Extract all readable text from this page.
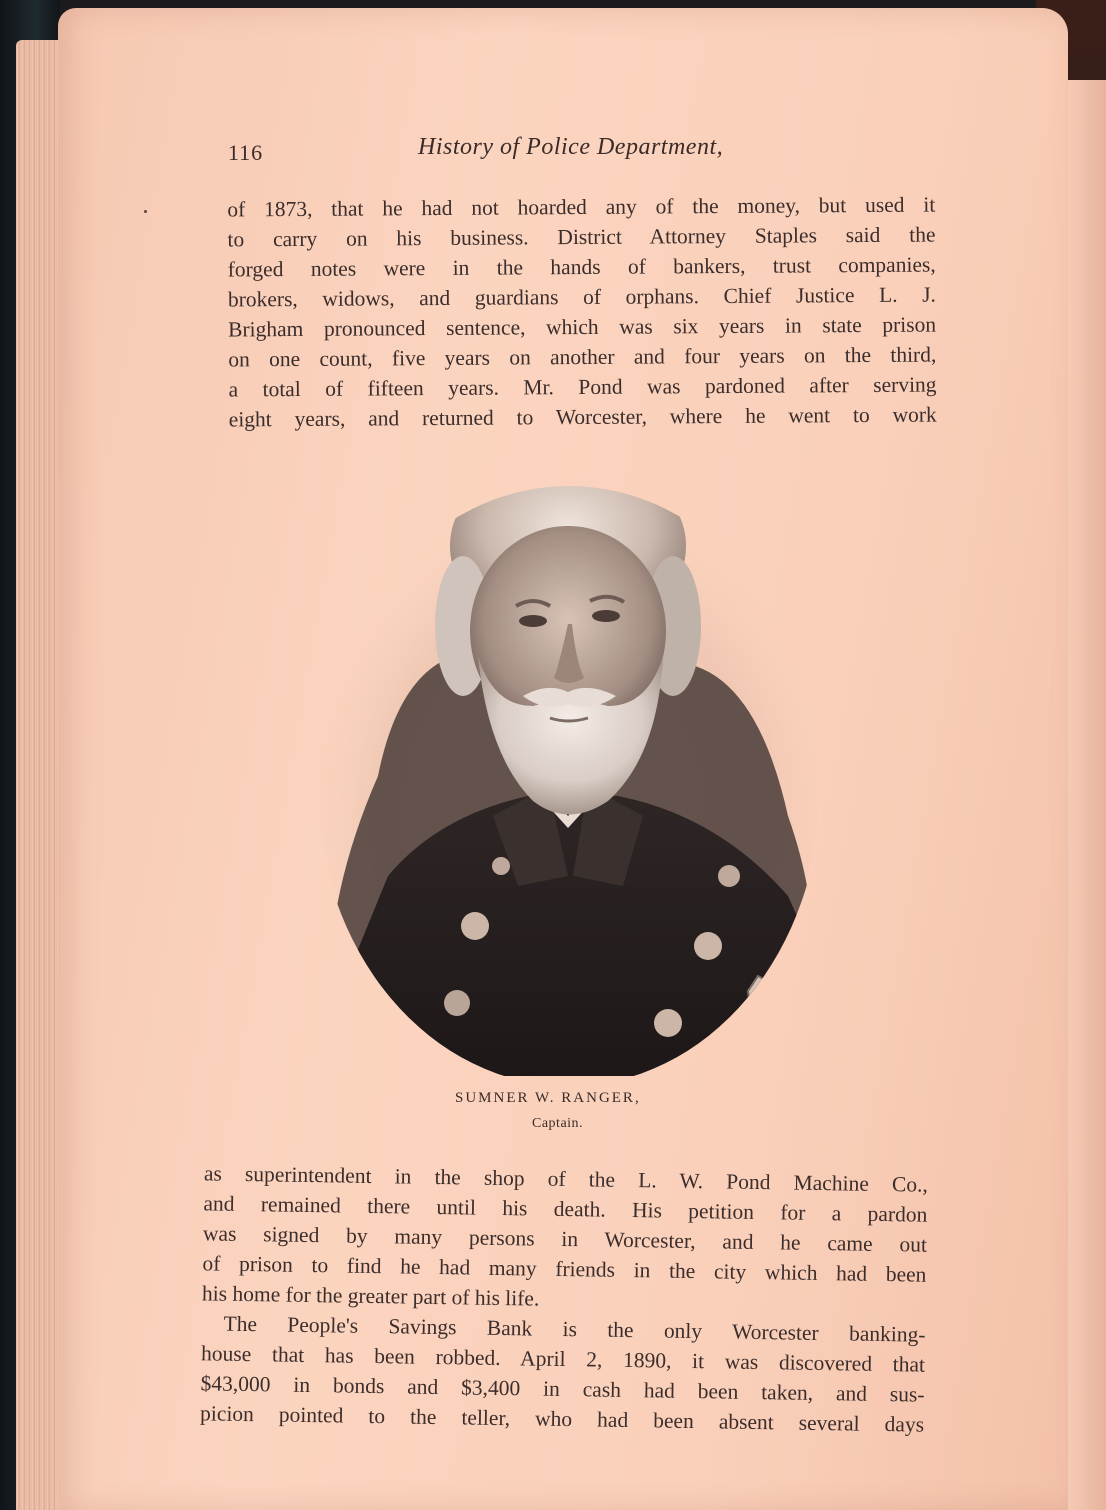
116	History of Police Department,
of 1873, that he had not hoarded any of the money, but used it
to carry on his business. District Attorney Staples said the
forged notes were in the hands of bankers, trust companies,
brokers, widows, and guardians of orphans. Chief Justice L. J.
Brigham pronounced sentence, which was six years in state prison
on one count, five years on another and four years on the third,
a total of fifteen years. Mr. Pond was pardoned after serving
eight years, and returned to Worcester, where he went to work
SUMNER W. RANGER,
Captain.
as superintendent in the shop of the L. W. Pond Machine Co.,
and remained there until his death. His petition for a pardon
was signed by many persons in Worcester, and he came out
of prison to find he had many friends in the city which had been
his home for the greater part of his life.
The People's Savings Bank is the only Worcester banking-
house that has been robbed. April 2, 1890, it was discovered that
$43,000 in bonds and $3,400 in cash had been taken, and sus-
picion pointed to the teller, who had been absent several days
